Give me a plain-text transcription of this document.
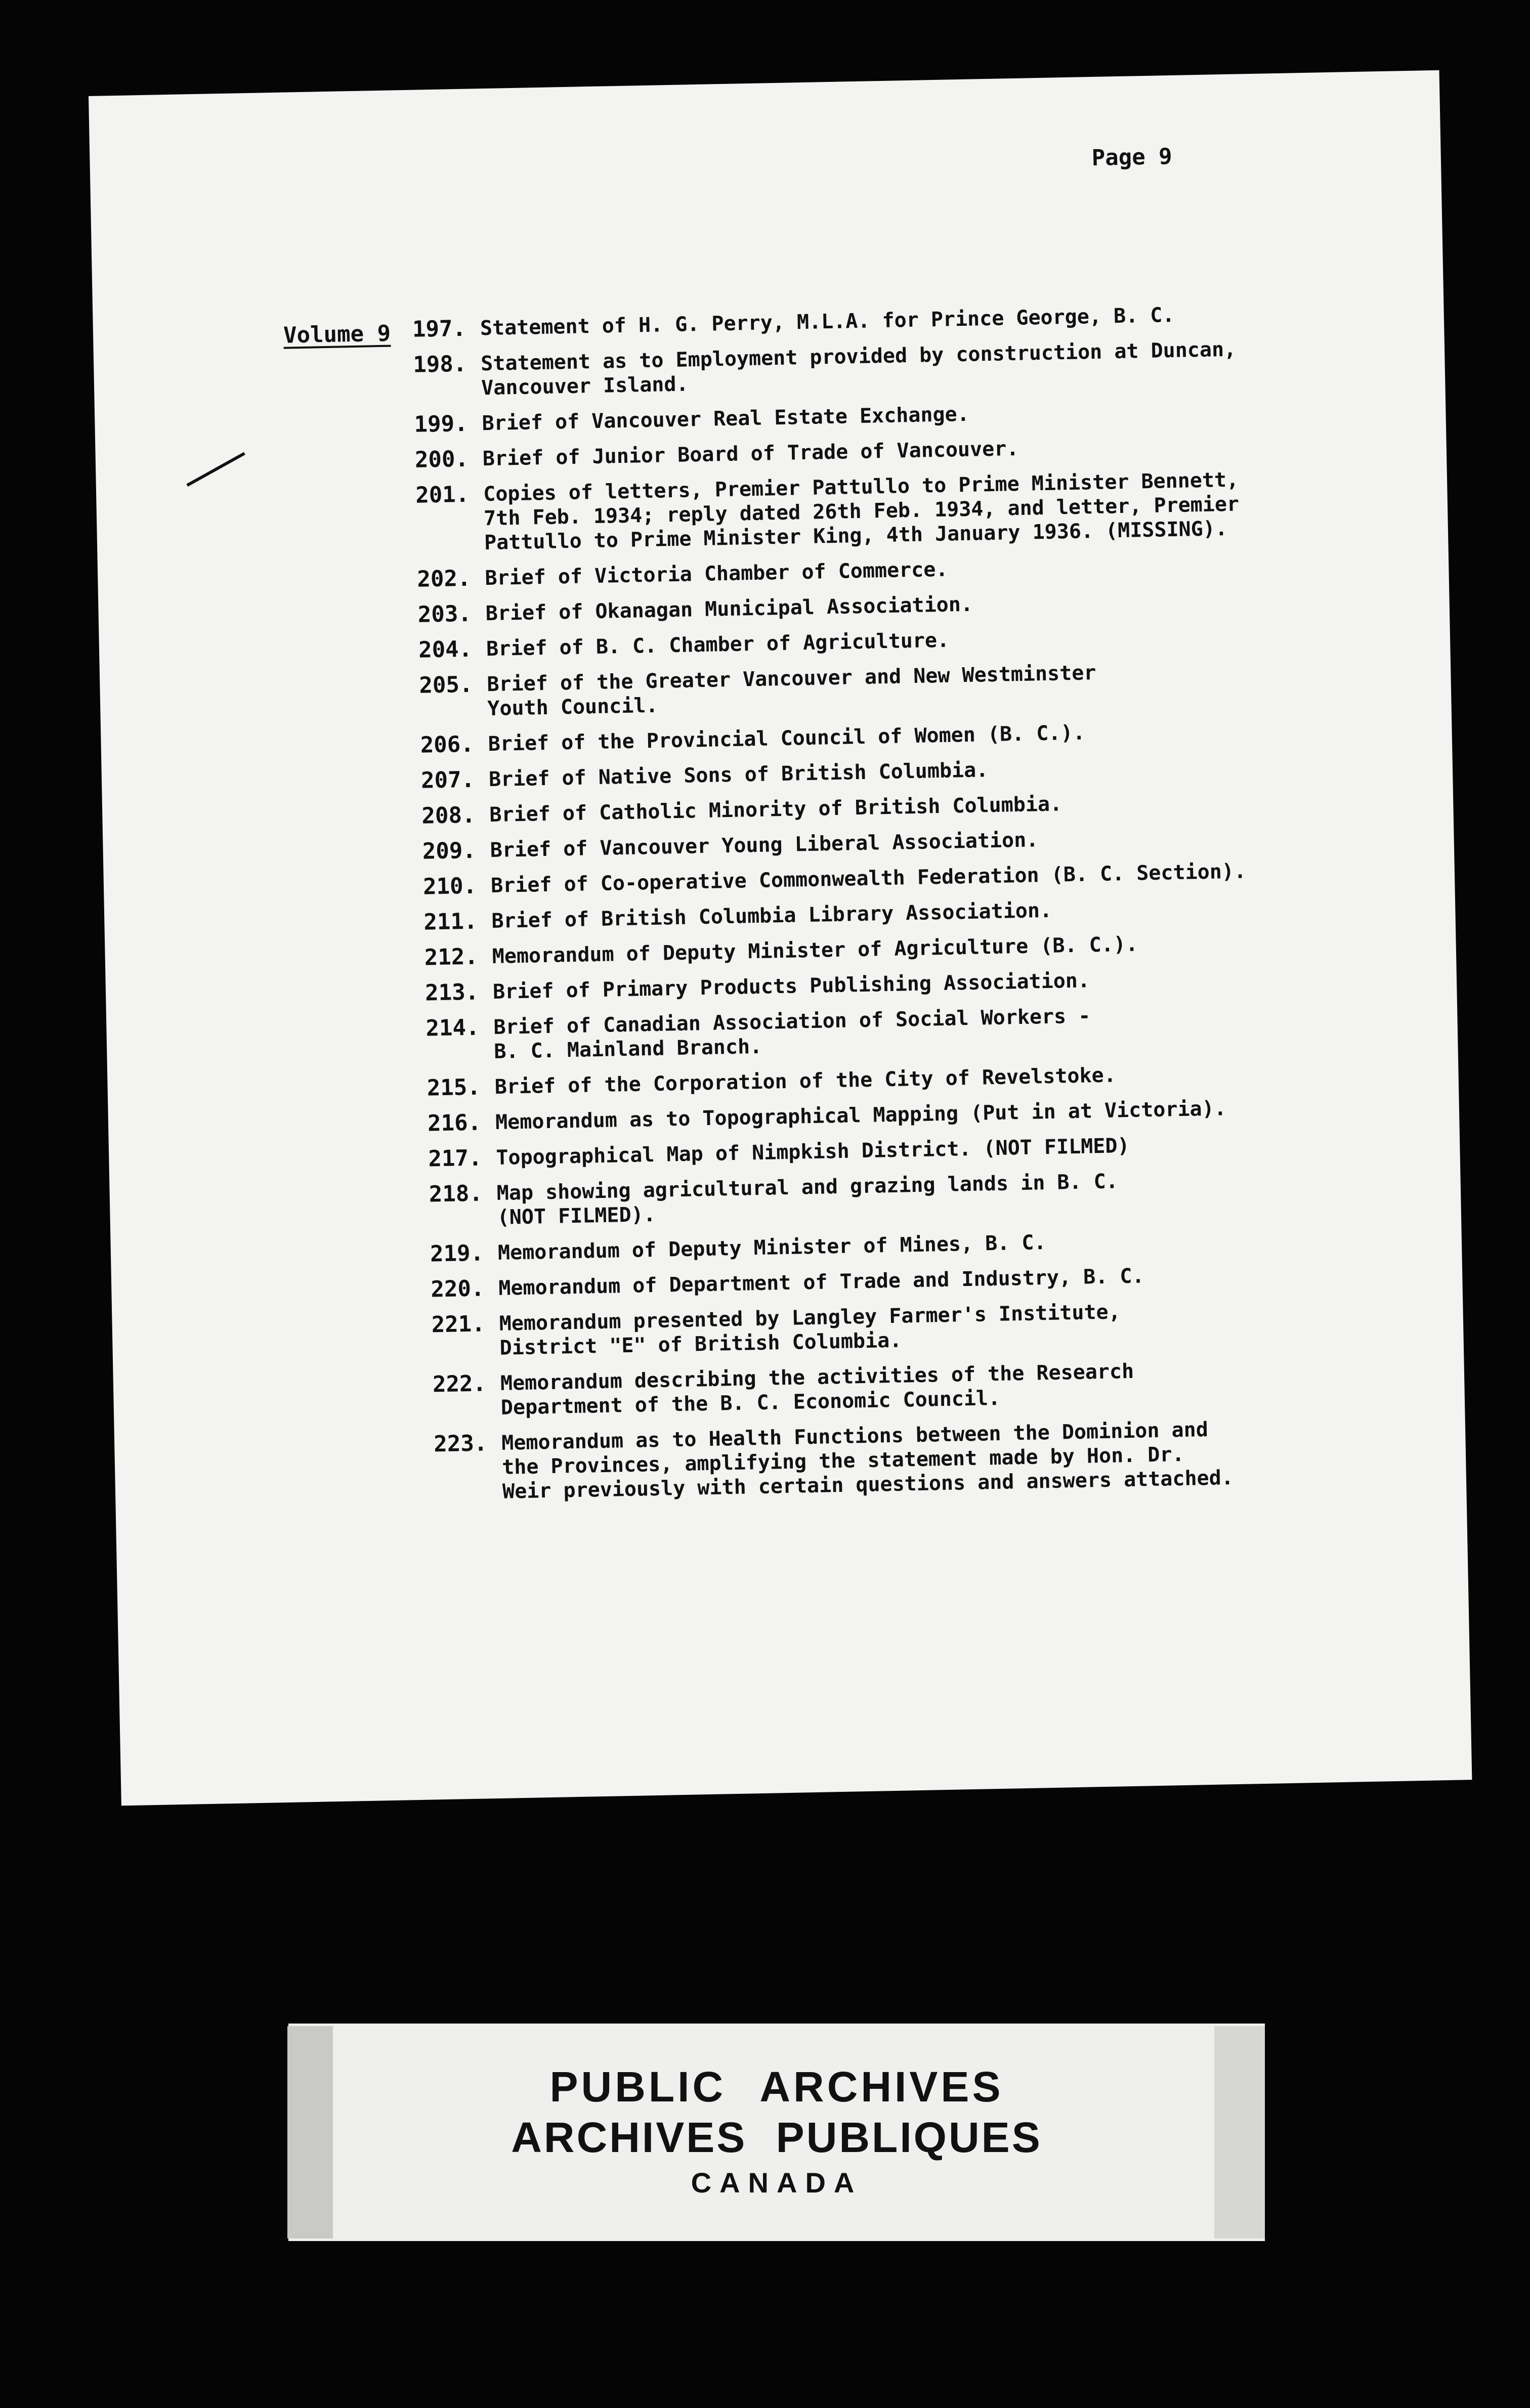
Page 9
Volume 9 197. Statement of H. G. Perry, M.L.A. for Prince George, B. C.
198. Statement as to Employment provided by construction at Duncan,
Vancouver Island.
199. Brief of Vancouver Real Estate Exchange.
200. Brief of Junior Board of Trade of Vancouver.
201. Copies of letters, Premier Pattullo to Prime Minister Bennett,
7th Feb. 1934; reply dated 26th Feb. 1934, and letter, Premier
Pattullo to Prime Minister King, 4th January 1936. (MISSING).
202. Brief of Victoria Chamber of Commerce.
203. Brief of Okanagan Municipal Association.
204. Brief of B. C. Chamber of Agriculture.
205. Brief of the Greater Vancouver and New Westminster
Youth Council.
206. Brief of the Provincial Council of Women (B. C.).
207. Brief of Native Sons of British Columbia.
208. Brief of Catholic Minority of British Columbia.
209. Brief of Vancouver Young Liberal Association.
210. Brief of Co-operative Commonwealth Federation (B. C. Section).
211. Brief of British Columbia Library Association.
212. Memorandum of Deputy Minister of Agriculture (B. C.).
213. Brief of Primary Products Publishing Association.
214. Brief of Canadian Association of Social Workers -
B. C. Mainland Branch.
215. Brief of the Corporation of the City of Revelstoke.
216. Memorandum as to Topographical Mapping (Put in at Victoria).
217. Topographical Map of Nimpkish District. (NOT FILMED)
218. Map showing agricultural and grazing lands in B. C.
(NOT FILMED).
219. Memorandum of Deputy Minister of Mines, B. C.
220. Memorandum of Department of Trade and Industry, B. C.
221. Memorandum presented by Langley Farmer's Institute,
District "E" of British Columbia.
222. Memorandum describing the activities of the Research
Department of the B. C. Economic Council.
223. Memorandum as to Health Functions between the Dominion and
the Provinces, amplifying the statement made by Hon. Dr.
Weir previously with certain questions and answers attached.
PUBLIC ARCHIVES
ARCHIVES PUBLIQUES
CANADA
